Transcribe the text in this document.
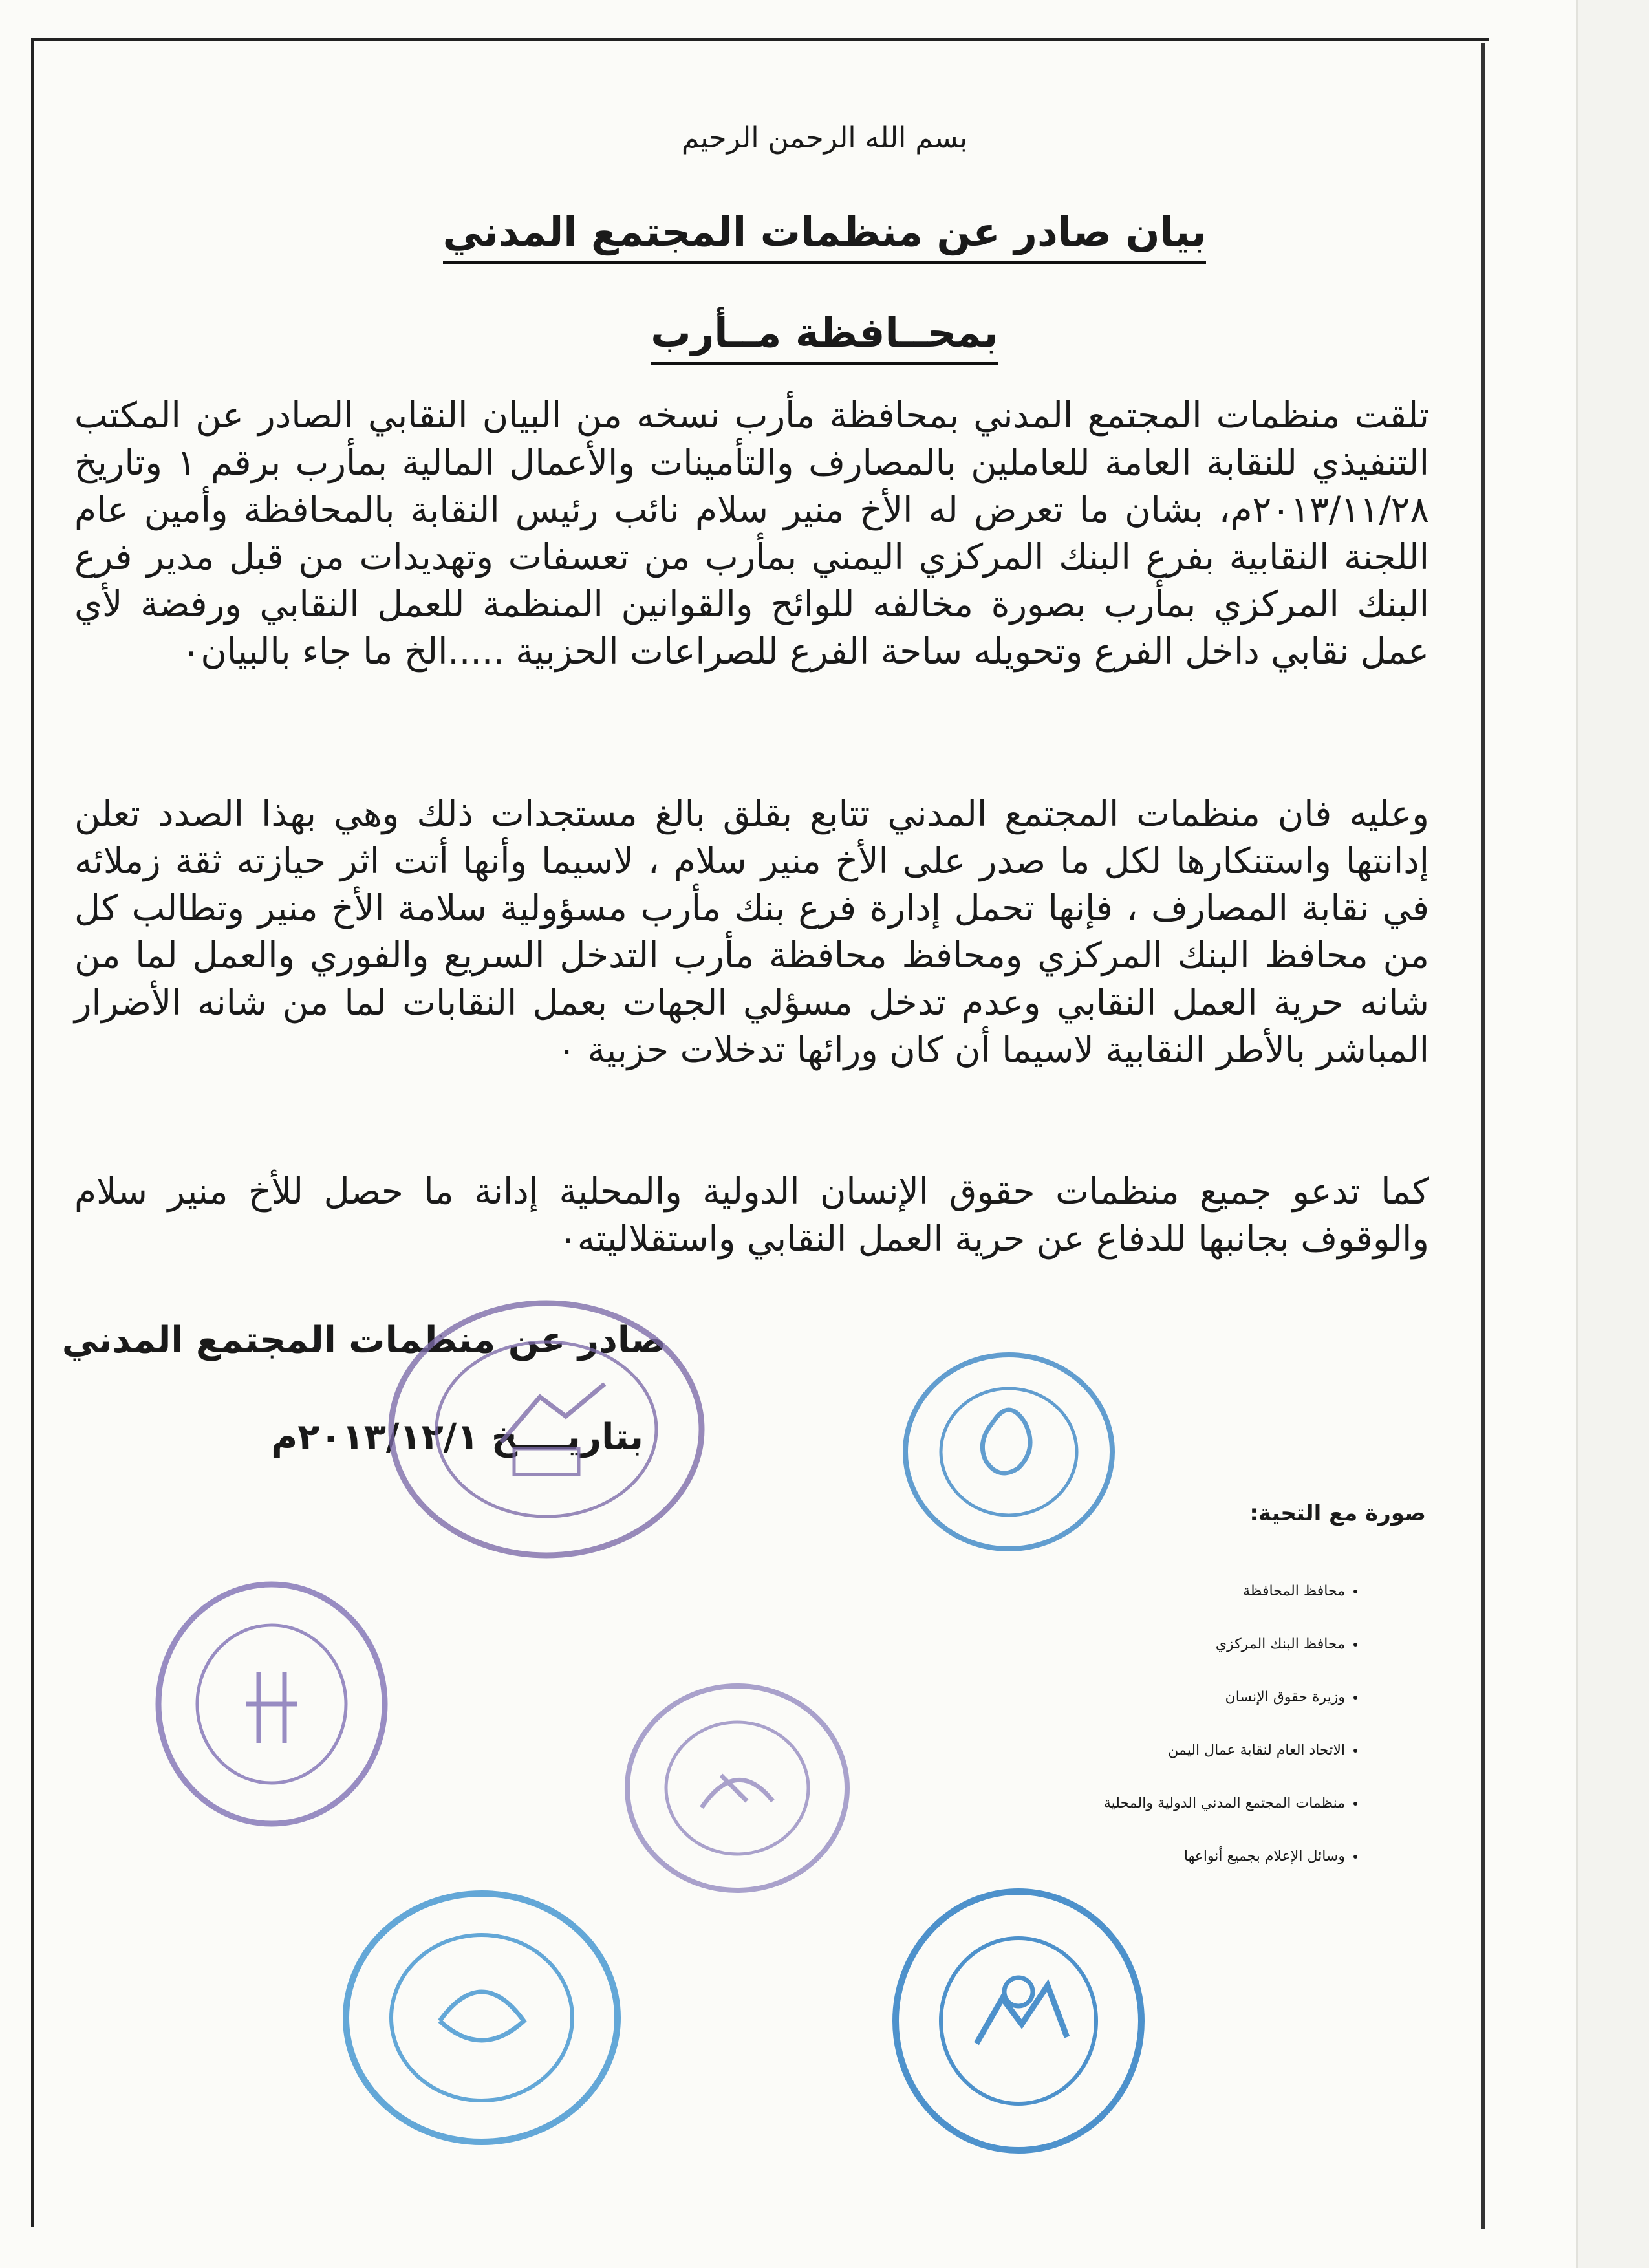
بسم الله الرحمن الرحيم
بيان صادر عن منظمات المجتمع المدني
بمحــافظة مــأرب

تلقت منظمات المجتمع المدني بمحافظة مأرب نسخه من البيان النقابي الصادر عن المكتب التنفيذي للنقابة العامة للعاملين بالمصارف والتأمينات والأعمال المالية بمأرب برقم ١ وتاريخ ٢٠١٣/١١/٢٨م، بشان ما تعرض له الأخ منير سلام نائب رئيس النقابة بالمحافظة وأمين عام اللجنة النقابية بفرع البنك المركزي اليمني بمأرب من تعسفات وتهديدات من قبل مدير فرع البنك المركزي بمأرب بصورة مخالفه للوائح والقوانين المنظمة للعمل النقابي ورفضة لأي عمل نقابي داخل الفرع وتحويله ساحة الفرع للصراعات الحزبية .....الخ ما جاء بالبيان٠

وعليه فان منظمات المجتمع المدني تتابع بقلق بالغ مستجدات ذلك وهي بهذا الصدد تعلن إدانتها واستنكارها لكل ما صدر على الأخ منير سلام ، لاسيما وأنها أتت اثر حيازته ثقة زملائه في نقابة المصارف ، فإنها تحمل إدارة فرع بنك مأرب مسؤولية سلامة الأخ منير وتطالب كل من محافظ البنك المركزي ومحافظ محافظة مأرب التدخل السريع والفوري والعمل لما من شانه حرية العمل النقابي وعدم تدخل مسؤلي الجهات بعمل النقابات لما من شانه الأضرار المباشر بالأطر النقابية لاسيما أن كان ورائها تدخلات حزبية ٠

كما تدعو جميع منظمات حقوق الإنسان الدولية والمحلية إدانة ما حصل للأخ منير سلام والوقوف بجانبها للدفاع عن حرية العمل النقابي واستقلاليته٠

صادر عن منظمات المجتمع المدني
بتاريــــخ ٢٠١٣/١٢/١م
صورة مع التحية:
• محافظ المحافظة
• محافظ البنك المركزي
• وزيرة حقوق الإنسان
• الاتحاد العام لنقابة عمال اليمن
• منظمات المجتمع المدني الدولية والمحلية
• وسائل الإعلام بجميع أنواعها
